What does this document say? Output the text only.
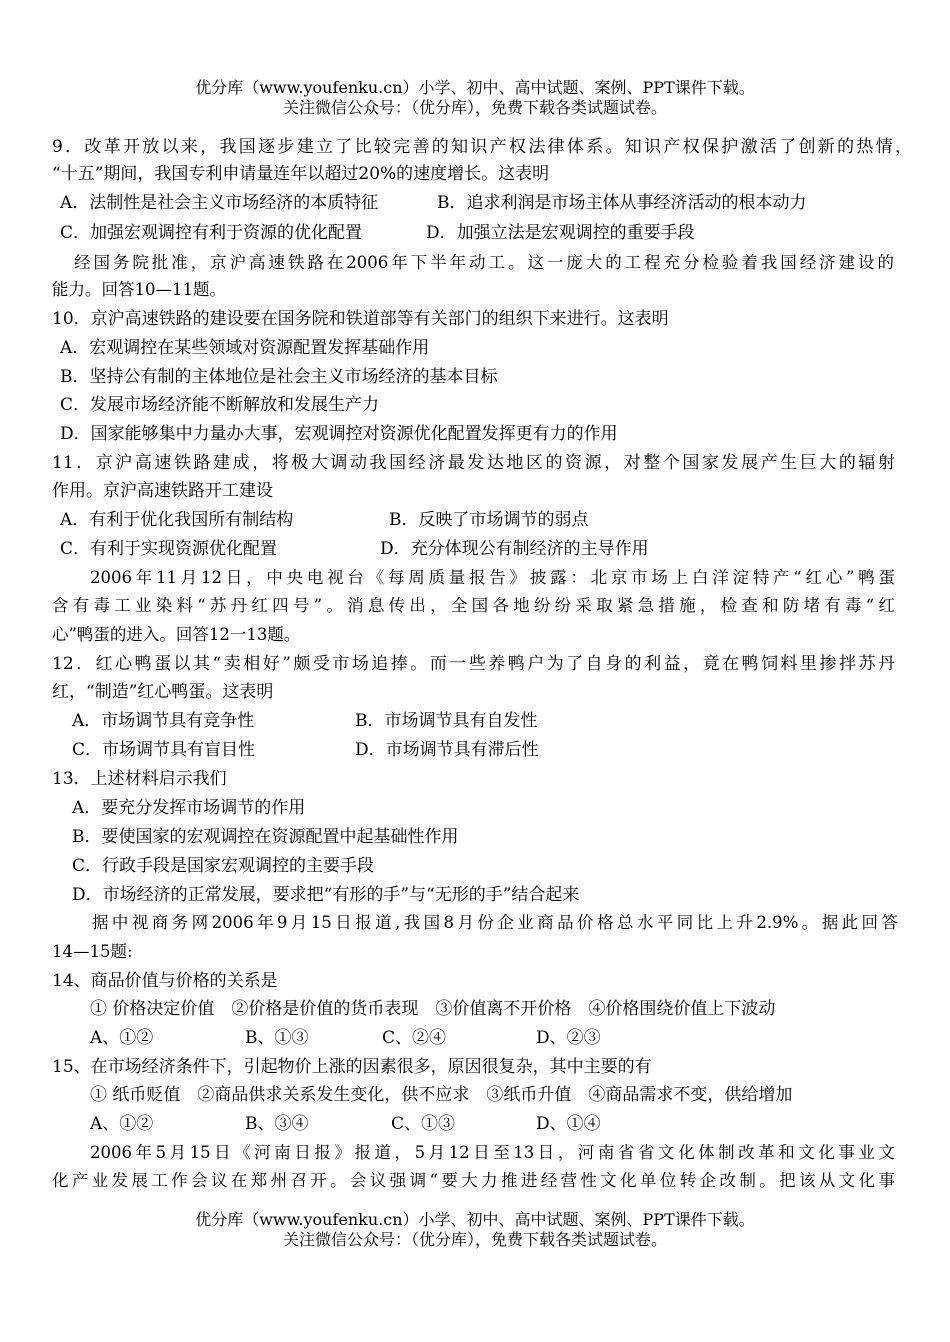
优分库（www.youfenku.cn）小学、初中、高中试题、案例、PPT课件下载。
关注微信公众号：（优分库），免费下载各类试题试卷。
9．改革开放以来，我国逐步建立了比较完善的知识产权法律体系。知识产权保护激活了创新的热情，
“十五”期间，我国专利申请量连年以超过20%的速度增长。这表明
A．法制性是社会主义市场经济的本质特征	B．追求利润是市场主体从事经济活动的根本动力
C．加强宏观调控有利于资源的优化配置	D．加强立法是宏观调控的重要手段
经国务院批准，京沪高速铁路在2006年下半年动工。这一庞大的工程充分检验着我国经济建设的
能力。回答10—11题。
10．京沪高速铁路的建设要在国务院和铁道部等有关部门的组织下来进行。这表明
A．宏观调控在某些领域对资源配置发挥基础作用
B．坚持公有制的主体地位是社会主义市场经济的基本目标
C．发展市场经济能不断解放和发展生产力
D．国家能够集中力量办大事，宏观调控对资源优化配置发挥更有力的作用
11．京沪高速铁路建成，将极大调动我国经济最发达地区的资源，对整个国家发展产生巨大的辐射
作用。京沪高速铁路开工建设
A．有利于优化我国所有制结构	B．反映了市场调节的弱点
C．有利于实现资源优化配置	D．充分体现公有制经济的主导作用
2006年11月12日，中央电视台《每周质量报告》披露：北京市场上白洋淀特产“红心”鸭蛋
含有毒工业染料“苏丹红四号”。消息传出，全国各地纷纷采取紧急措施，检查和防堵有毒“红
心”鸭蛋的进入。回答12一13题。
12．红心鸭蛋以其“卖相好”颇受市场追捧。而一些养鸭户为了自身的利益，竟在鸭饲料里掺拌苏丹
红，“制造”红心鸭蛋。这表明
A．市场调节具有竞争性	B．市场调节具有自发性
C．市场调节具有盲目性	D．市场调节具有滞后性
13．上述材料启示我们
A．要充分发挥市场调节的作用
B．要使国家的宏观调控在资源配置中起基础性作用
C．行政手段是国家宏观调控的主要手段
D．市场经济的正常发展，要求把“有形的手”与“无形的手”结合起来
据中视商务网2006年9月15日报道,我国8月份企业商品价格总水平同比上升2.9%。据此回答
14—15题:
14、商品价值与价格的关系是
① 价格决定价值　②价格是价值的货币表现　③价值离不开价格　④价格围绕价值上下波动
A、①②	B、①③	C、②④	D、②③
15、在市场经济条件下，引起物价上涨的因素很多，原因很复杂，其中主要的有
① 纸币贬值　②商品供求关系发生变化，供不应求　③纸币升值　④商品需求不变，供给增加
A、①②	B、③④	C、①③	D、①④
2006年5月15日《河南日报》报道，5月12日至13日，河南省省文化体制改革和文化事业文
化产业发展工作会议在郑州召开。会议强调“要大力推进经营性文化单位转企改制。把该从文化事
优分库（www.youfenku.cn）小学、初中、高中试题、案例、PPT课件下载。
关注微信公众号：（优分库），免费下载各类试题试卷。
